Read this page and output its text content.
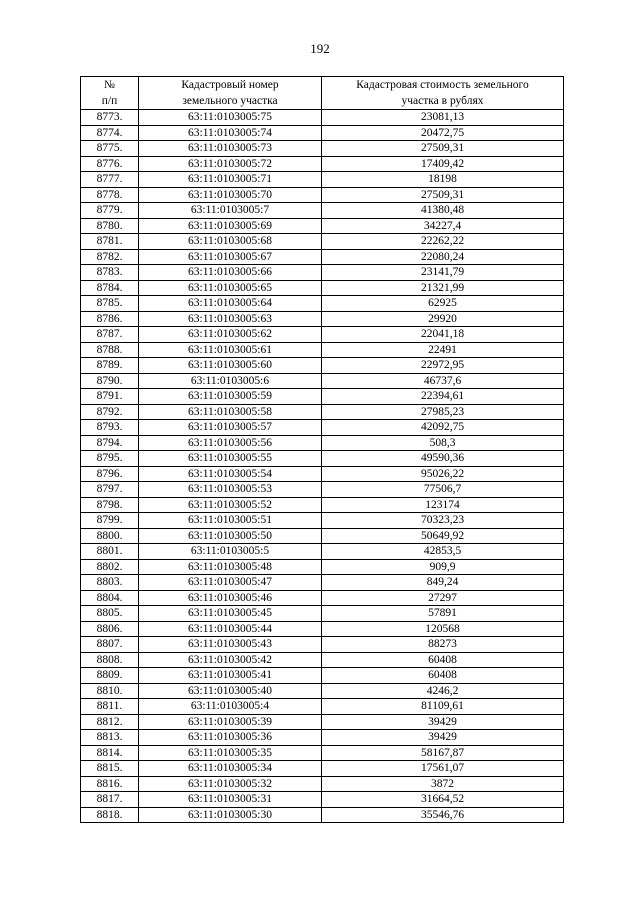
192
№	Кадастровый номер	Кадастровая стоимость земельного
п/п	земельного участка	участка в рублях
8773.	63:11:0103005:75	23081,13
8774.	63:11:0103005:74	20472,75
8775.	63:11:0103005:73	27509,31
8776.	63:11:0103005:72	17409,42
8777.	63:11:0103005:71	18198
8778.	63:11:0103005:70	27509,31
8779.	63:11:0103005:7	41380,48
8780.	63:11:0103005:69	34227,4
8781.	63:11:0103005:68	22262,22
8782.	63:11:0103005:67	22080,24
8783.	63:11:0103005:66	23141,79
8784.	63:11:0103005:65	21321,99
8785.	63:11:0103005:64	62925
8786.	63:11:0103005:63	29920
8787.	63:11:0103005:62	22041,18
8788.	63:11:0103005:61	22491
8789.	63:11:0103005:60	22972,95
8790.	63:11:0103005:6	46737,6
8791.	63:11:0103005:59	22394,61
8792.	63:11:0103005:58	27985,23
8793.	63:11:0103005:57	42092,75
8794.	63:11:0103005:56	508,3
8795.	63:11:0103005:55	49590,36
8796.	63:11:0103005:54	95026,22
8797.	63:11:0103005:53	77506,7
8798.	63:11:0103005:52	123174
8799.	63:11:0103005:51	70323,23
8800.	63:11:0103005:50	50649,92
8801.	63:11:0103005:5	42853,5
8802.	63:11:0103005:48	909,9
8803.	63:11:0103005:47	849,24
8804.	63:11:0103005:46	27297
8805.	63:11:0103005:45	57891
8806.	63:11:0103005:44	120568
8807.	63:11:0103005:43	88273
8808.	63:11:0103005:42	60408
8809.	63:11:0103005:41	60408
8810.	63:11:0103005:40	4246,2
8811.	63:11:0103005:4	81109,61
8812.	63:11:0103005:39	39429
8813.	63:11:0103005:36	39429
8814.	63:11:0103005:35	58167,87
8815.	63:11:0103005:34	17561,07
8816.	63:11:0103005:32	3872
8817.	63:11:0103005:31	31664,52
8818.	63:11:0103005:30	35546,76
